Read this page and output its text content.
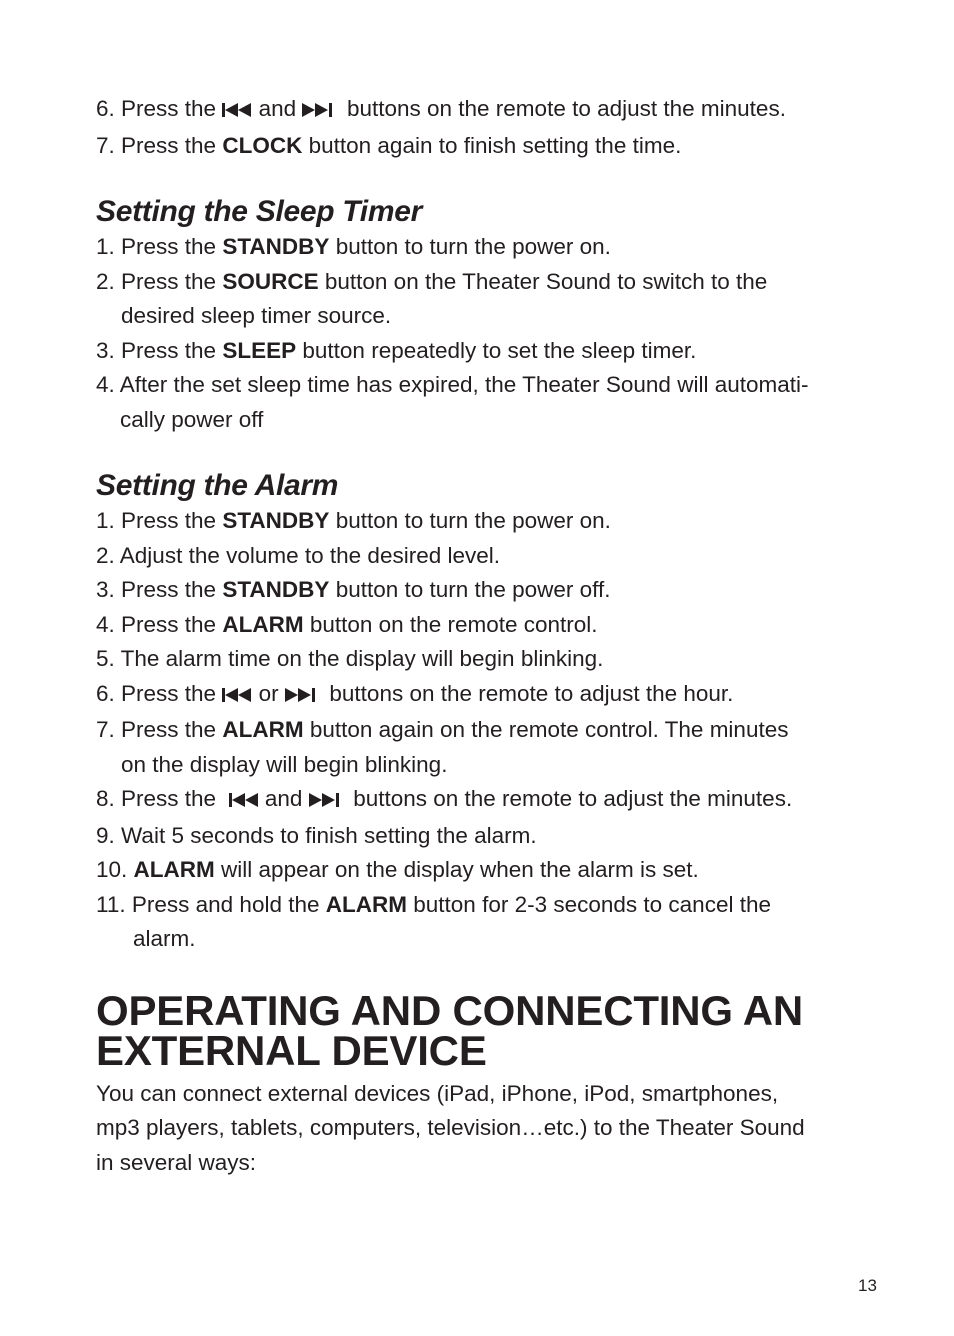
6. Press the and buttons on the remote to adjust the minutes.

7. Press the CLOCK button again to finish setting the time.

Setting the Sleep Timer

1. Press the STANDBY button to turn the power on.

2. Press the SOURCE button on the Theater Sound to switch to the

desired sleep timer source.

3. Press the SLEEP button repeatedly to set the sleep timer.

4. After the set sleep time has expired, the Theater Sound will automati-

cally power off

Setting the Alarm

1. Press the STANDBY button to turn the power on.

2. Adjust the volume to the desired level.

3. Press the STANDBY button to turn the power off.

4. Press the ALARM button on the remote control.

5. The alarm time on the display will begin blinking.

6. Press the or buttons on the remote to adjust the hour.

7. Press the ALARM button again on the remote control. The minutes

on the display will begin blinking.

8. Press the and buttons on the remote to adjust the minutes.

9. Wait 5 seconds to finish setting the alarm.

10. ALARM will appear on the display when the alarm is set.

11. Press and hold the ALARM button for 2-3 seconds to cancel the

alarm.

OPERATING AND CONNECTING AN
EXTERNAL DEVICE

You can connect external devices (iPad, iPhone, iPod, smartphones,

mp3 players, tablets, computers, television…etc.) to the Theater Sound

in several ways:

13
